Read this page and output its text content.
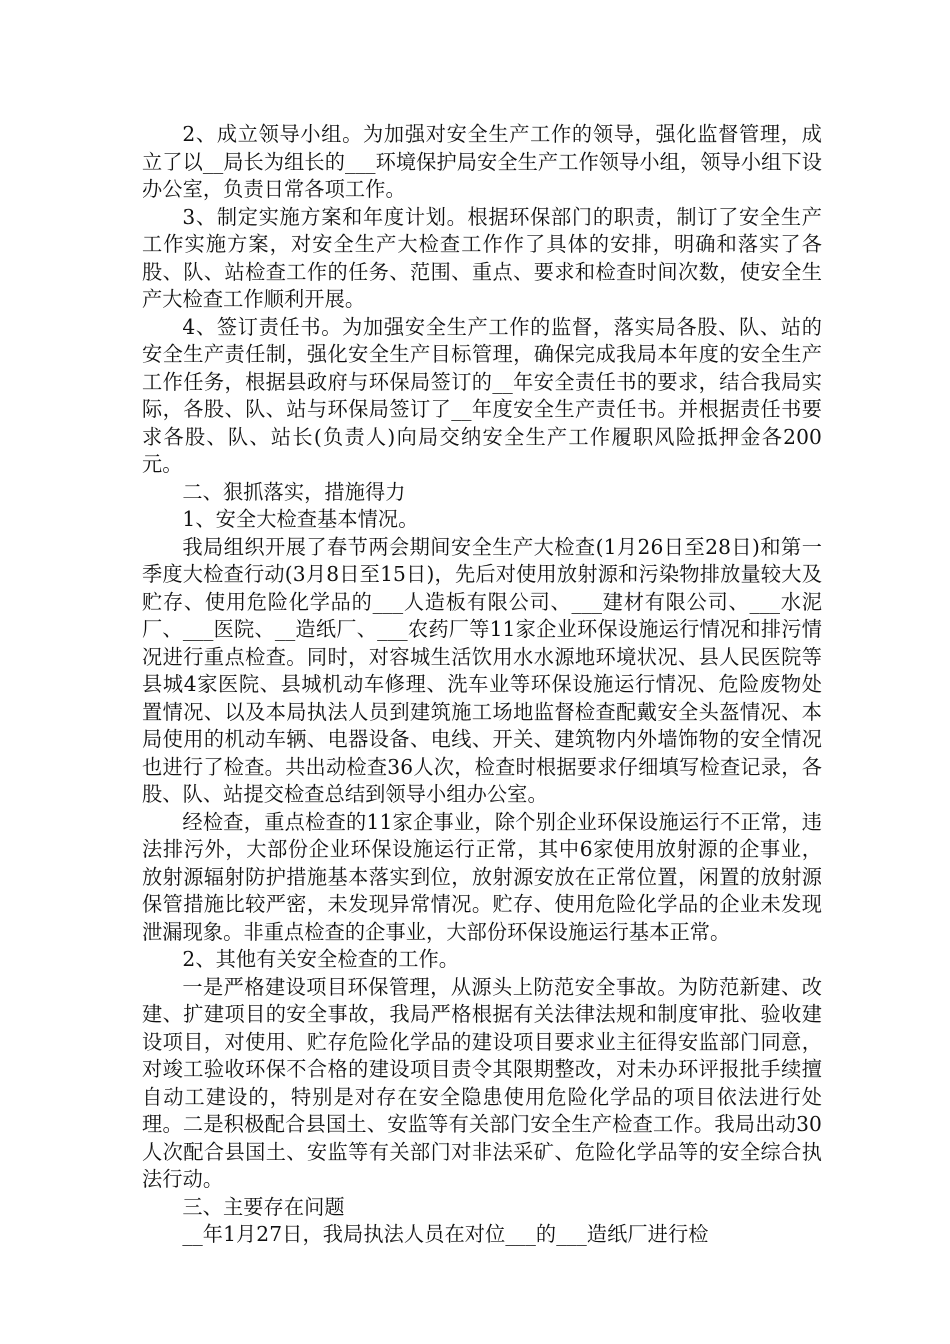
2、成立领导小组。为加强对安全生产工作的领导，强化监督管理，成立了以__局长为组长的___环境保护局安全生产工作领导小组，领导小组下设办公室，负责日常各项工作。

3、制定实施方案和年度计划。根据环保部门的职责，制订了安全生产工作实施方案，对安全生产大检查工作作了具体的安排，明确和落实了各股、队、站检查工作的任务、范围、重点、要求和检查时间次数，使安全生产大检查工作顺利开展。

4、签订责任书。为加强安全生产工作的监督，落实局各股、队、站的安全生产责任制，强化安全生产目标管理，确保完成我局本年度的安全生产工作任务，根据县政府与环保局签订的__年安全责任书的要求，结合我局实际，各股、队、站与环保局签订了__年度安全生产责任书。并根据责任书要求各股、队、站长(负责人)向局交纳安全生产工作履职风险抵押金各200元。

二、狠抓落实，措施得力

1、安全大检查基本情况。

我局组织开展了春节两会期间安全生产大检查(1月26日至28日)和第一季度大检查行动(3月8日至15日)，先后对使用放射源和污染物排放量较大及贮存、使用危险化学品的___人造板有限公司、___建材有限公司、___水泥厂、___医院、__造纸厂、___农药厂等11家企业环保设施运行情况和排污情况进行重点检查。同时，对容城生活饮用水水源地环境状况、县人民医院等县城4家医院、县城机动车修理、洗车业等环保设施运行情况、危险废物处置情况、以及本局执法人员到建筑施工场地监督检查配戴安全头盔情况、本局使用的机动车辆、电器设备、电线、开关、建筑物内外墙饰物的安全情况也进行了检查。共出动检查36人次，检查时根据要求仔细填写检查记录，各股、队、站提交检查总结到领导小组办公室。

经检查，重点检查的11家企事业，除个别企业环保设施运行不正常，违法排污外，大部份企业环保设施运行正常，其中6家使用放射源的企事业，放射源辐射防护措施基本落实到位，放射源安放在正常位置，闲置的放射源保管措施比较严密，未发现异常情况。贮存、使用危险化学品的企业未发现泄漏现象。非重点检查的企事业，大部份环保设施运行基本正常。

2、其他有关安全检查的工作。

一是严格建设项目环保管理，从源头上防范安全事故。为防范新建、改建、扩建项目的安全事故，我局严格根据有关法律法规和制度审批、验收建设项目，对使用、贮存危险化学品的建设项目要求业主征得安监部门同意，对竣工验收环保不合格的建设项目责令其限期整改，对未办环评报批手续擅自动工建设的，特别是对存在安全隐患使用危险化学品的项目依法进行处理。二是积极配合县国土、安监等有关部门安全生产检查工作。我局出动30人次配合县国土、安监等有关部门对非法采矿、危险化学品等的安全综合执法行动。

三、主要存在问题

__年1月27日，我局执法人员在对位___的___造纸厂进行检
